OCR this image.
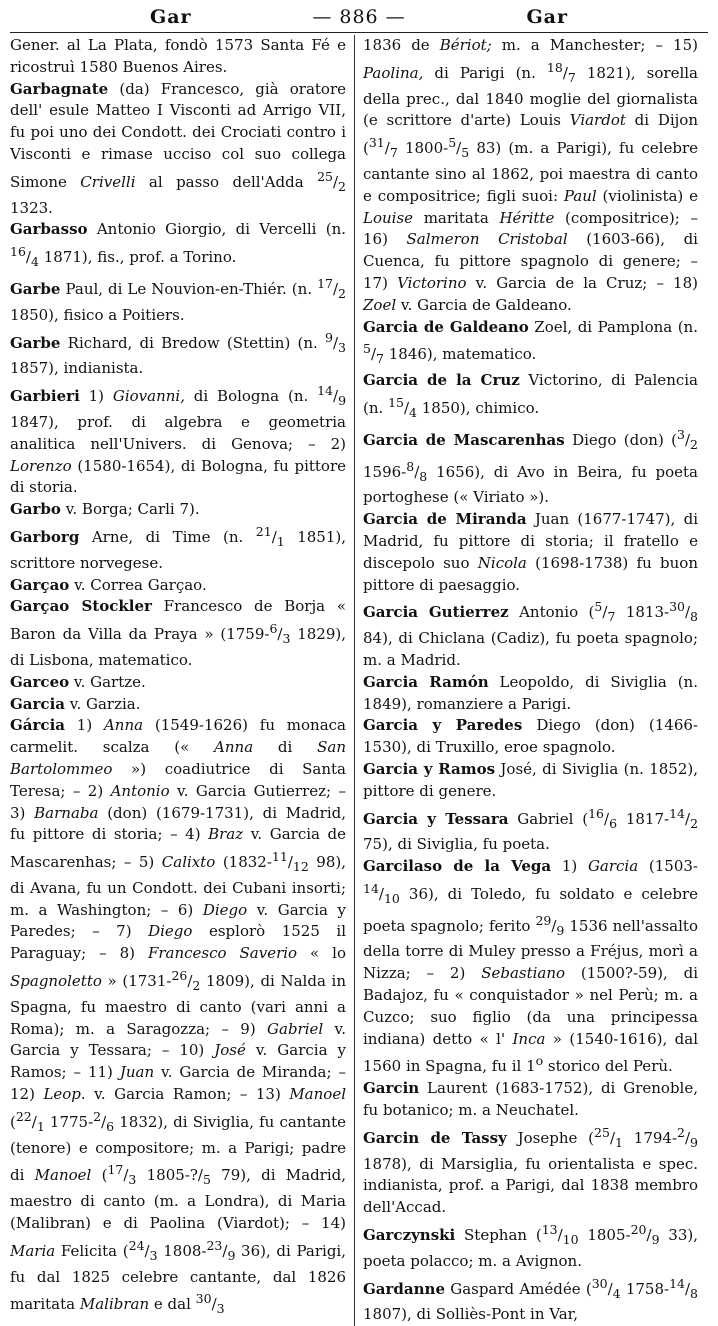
Gar	— 886 —	Gar

Gener. al La Plata, fondò 1573 Santa Fé e ricostruì 1580 Buenos Aires.

Garbagnate (da) Francesco, già oratore dell' esule Matteo I Visconti ad Arrigo VII, fu poi uno dei Condott. dei Crociati contro i Visconti e rimase ucciso col suo collega Simone Crivelli al passo dell'Adda $^{25}/_2$ 1323.

Garbasso Antonio Giorgio, di Vercelli (n. $^{16}/_4$ 1871), fis., prof. a Torino.

Garbe Paul, di Le Nouvion-en-Thiér. (n. $^{17}/_2$ 1850), fisico a Poitiers.

Garbe Richard, di Bredow (Stettin) (n. $^9/_3$ 1857), indianista.

Garbieri 1) Giovanni, di Bologna (n. $^{14}/_9$ 1847), prof. di algebra e geometria analitica nell'Univers. di Genova; – 2) Lorenzo (1580-1654), di Bologna, fu pittore di storia.

Garbo v. Borga; Carli 7).

Garborg Arne, di Time (n. $^{21}/_1$ 1851), scrittore norvegese.

Garçao v. Correa Garçao.

Garçao Stockler Francesco de Borja « Baron da Villa da Praya » ($1759-^6/_3$ 1829), di Lisbona, matematico.

Garceo v. Gartze.

Garcia v. Garzia.

Gárcia 1) Anna (1549-1626) fu monaca carmelit. scalza (« Anna di San Bartolommeo ») coadiutrice di Santa Teresa; – 2) Antonio v. Garcia Gutierrez; – 3) Barnaba (don) (1679-1731), di Madrid, fu pittore di storia; – 4) Braz v. Garcia de Mascarenhas; – 5) Calixto ($1832-^{11}/_{12}$ 98), di Avana, fu un Condott. dei Cubani insorti; m. a Washington; – 6) Diego v. Garcia y Paredes; – 7) Diego esplorò 1525 il Paraguay; – 8) Francesco Saverio « lo Spagnoletto » ($1731-^{26}/_2$ 1809), di Nalda in Spagna, fu maestro di canto (vari anni a Roma); m. a Saragozza; – 9) Gabriel v. Garcia y Tessara; – 10) José v. Garcia y Ramos; – 11) Juan v. Garcia de Miranda; – 12) Leop. v. Garcia Ramon; – 13) Manoel ($^{22}/_1$ $1775-^2/_6$ 1832), di Siviglia, fu cantante (tenore) e compositore; m. a Parigi; padre di Manoel ($^{17}/_3$ $1805-?/_5$ 79), di Madrid, maestro di canto (m. a Londra), di Maria (Malibran) e di Paolina (Viardot); – 14) Maria Felicita ($^{24}/_3$ $1808-^{23}/_9$ 36), di Parigi, fu dal 1825 celebre cantante, dal 1826 maritata Malibran e dal $^{30}/_3$

1836 de Bériot; m. a Manchester; – 15) Paolina, di Parigi (n. $^{18}/_7$ 1821), sorella della prec., dal 1840 moglie del giornalista (e scrittore d'arte) Louis Viardot di Dijon ($^{31}/_7$ $1800-^5/_5$ 83) (m. a Parigi), fu celebre cantante sino al 1862, poi maestra di canto e compositrice; figli suoi: Paul (violinista) e Louise maritata Héritte (compositrice); – 16) Salmeron Cristobal (1603-66), di Cuenca, fu pittore spagnolo di genere; – 17) Victorino v. Garcia de la Cruz; – 18) Zoel v. Garcia de Galdeano.

Garcia de Galdeano Zoel, di Pamplona (n. $^5/_7$ 1846), matematico.

Garcia de la Cruz Victorino, di Palencia (n. $^{15}/_4$ 1850), chimico.

Garcia de Mascarenhas Diego (don) ($^3/_2$ $1596-^8/_8$ 1656), di Avo in Beira, fu poeta portoghese (« Viriato »).

Garcia de Miranda Juan (1677-1747), di Madrid, fu pittore di storia; il fratello e discepolo suo Nicola (1698-1738) fu buon pittore di paesaggio.

Garcia Gutierrez Antonio ($^5/_7$ $1813-^{30}/_8$ 84), di Chiclana (Cadiz), fu poeta spagnolo; m. a Madrid.

Garcia Ramón Leopoldo, di Siviglia (n. 1849), romanziere a Parigi.

Garcia y Paredes Diego (don) (1466-1530), di Truxillo, eroe spagnolo.

Garcia y Ramos José, di Siviglia (n. 1852), pittore di genere.

Garcia y Tessara Gabriel ($^{16}/_6$ $1817-^{14}/_2$ 75), di Siviglia, fu poeta.

Garcilaso de la Vega 1) Garcia ($1503-^{14}/_{10}$ 36), di Toledo, fu soldato e celebre poeta spagnolo; ferito $^{29}/_9$ 1536 nell'assalto della torre di Muley presso a Fréjus, morì a Nizza; – 2) Sebastiano (1500?-59), di Badajoz, fu « conquistador » nel Perù; m. a Cuzco; suo figlio (da una principessa indiana) detto « l' Inca » (1540-1616), dal 1560 in Spagna, fu il 1$^o$ storico del Perù.

Garcin Laurent (1683-1752), di Grenoble, fu botanico; m. a Neuchatel.

Garcin de Tassy Josephe ($^{25}/_1$ $1794-^2/_9$ 1878), di Marsiglia, fu orientalista e spec. indianista, prof. a Parigi, dal 1838 membro dell'Accad.

Garczynski Stephan ($^{13}/_{10}$ $1805-^{20}/_9$ 33), poeta polacco; m. a Avignon.

Gardanne Gaspard Amédée ($^{30}/_4$ $1758-^{14}/_8$ 1807), di Solliès-Pont in Var,
